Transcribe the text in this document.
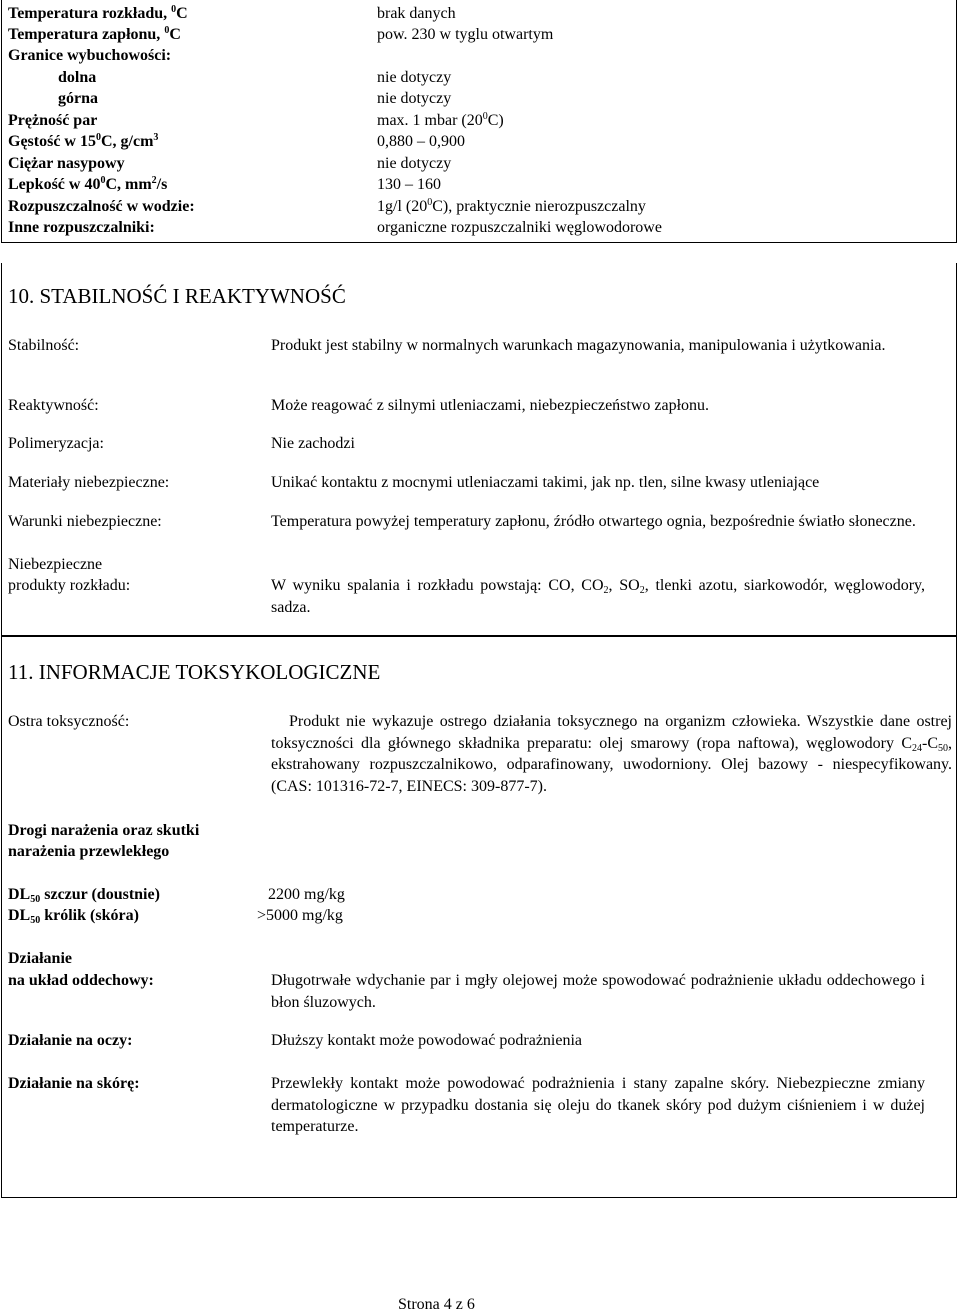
Temperatura rozkładu, $^0$C	brak danych
Temperatura zapłonu, $^0$C	pow. 230 w tyglu otwartym
Granice wybuchowości:
dolna	nie dotyczy
górna	nie dotyczy
Prężność par	max. 1 mbar $(20^0C)$
Gęstość w $15^0C$, $g/cm^3$	0,880 – 0,900
Ciężar nasypowy	nie dotyczy
Lepkość w $40^0C$, $mm^2/s$	130 – 160
Rozpuszczalność w wodzie:	1g/l $(20^0C)$, praktycznie nierozpuszczalny
Inne rozpuszczalniki:	organiczne rozpuszczalniki węglowodorowe
10. STABILNOŚĆ I REAKTYWNOŚĆ
Stabilność:	Produkt jest stabilny w normalnych warunkach magazynowania, manipulowania i użytkowania.
Reaktywność:	Może reagować z silnymi utleniaczami, niebezpieczeństwo zapłonu.
Polimeryzacja:	Nie zachodzi
Materiały niebezpieczne:	Unikać kontaktu z mocnymi utleniaczami takimi, jak np. tlen, silne kwasy utleniające
Warunki niebezpieczne:	Temperatura powyżej temperatury zapłonu, źródło otwartego ognia, bezpośrednie światło słoneczne.
Niebezpieczne
produkty rozkładu:	W wyniku spalania i rozkładu powstają: CO, $CO_2$, $SO_2$, tlenki azotu, siarkowodór, węglowodory, sadza.
11. INFORMACJE TOKSYKOLOGICZNE
Ostra toksyczność:	Produkt nie wykazuje ostrego działania toksycznego na organizm człowieka. Wszystkie dane ostrej toksyczności dla głównego składnika preparatu: olej smarowy (ropa naftowa), węglowodory $C_{24}-C_{50}$, ekstrahowany rozpuszczalnikowo, odparafinowany, uwodorniony. Olej bazowy - niespecyfikowany. (CAS: 101316-72-7, EINECS: 309-877-7).
Drogi narażenia oraz skutki
narażenia przewlekłego
$DL_{50}$ szczur (doustnie)	2200 mg/kg
$DL_{50}$ królik (skóra)	>5000 mg/kg
Działanie
na układ oddechowy:	Długotrwałe wdychanie par i mgły olejowej może spowodować podrażnienie układu oddechowego i błon śluzowych.
Działanie na oczy:	Dłuższy kontakt może powodować podrażnienia
Działanie na skórę:	Przewlekły kontakt może powodować podrażnienia i stany zapalne skóry. Niebezpieczne zmiany dermatologiczne w przypadku dostania się oleju do tkanek skóry pod dużym ciśnieniem i w dużej temperaturze.
Strona 4 z 6
